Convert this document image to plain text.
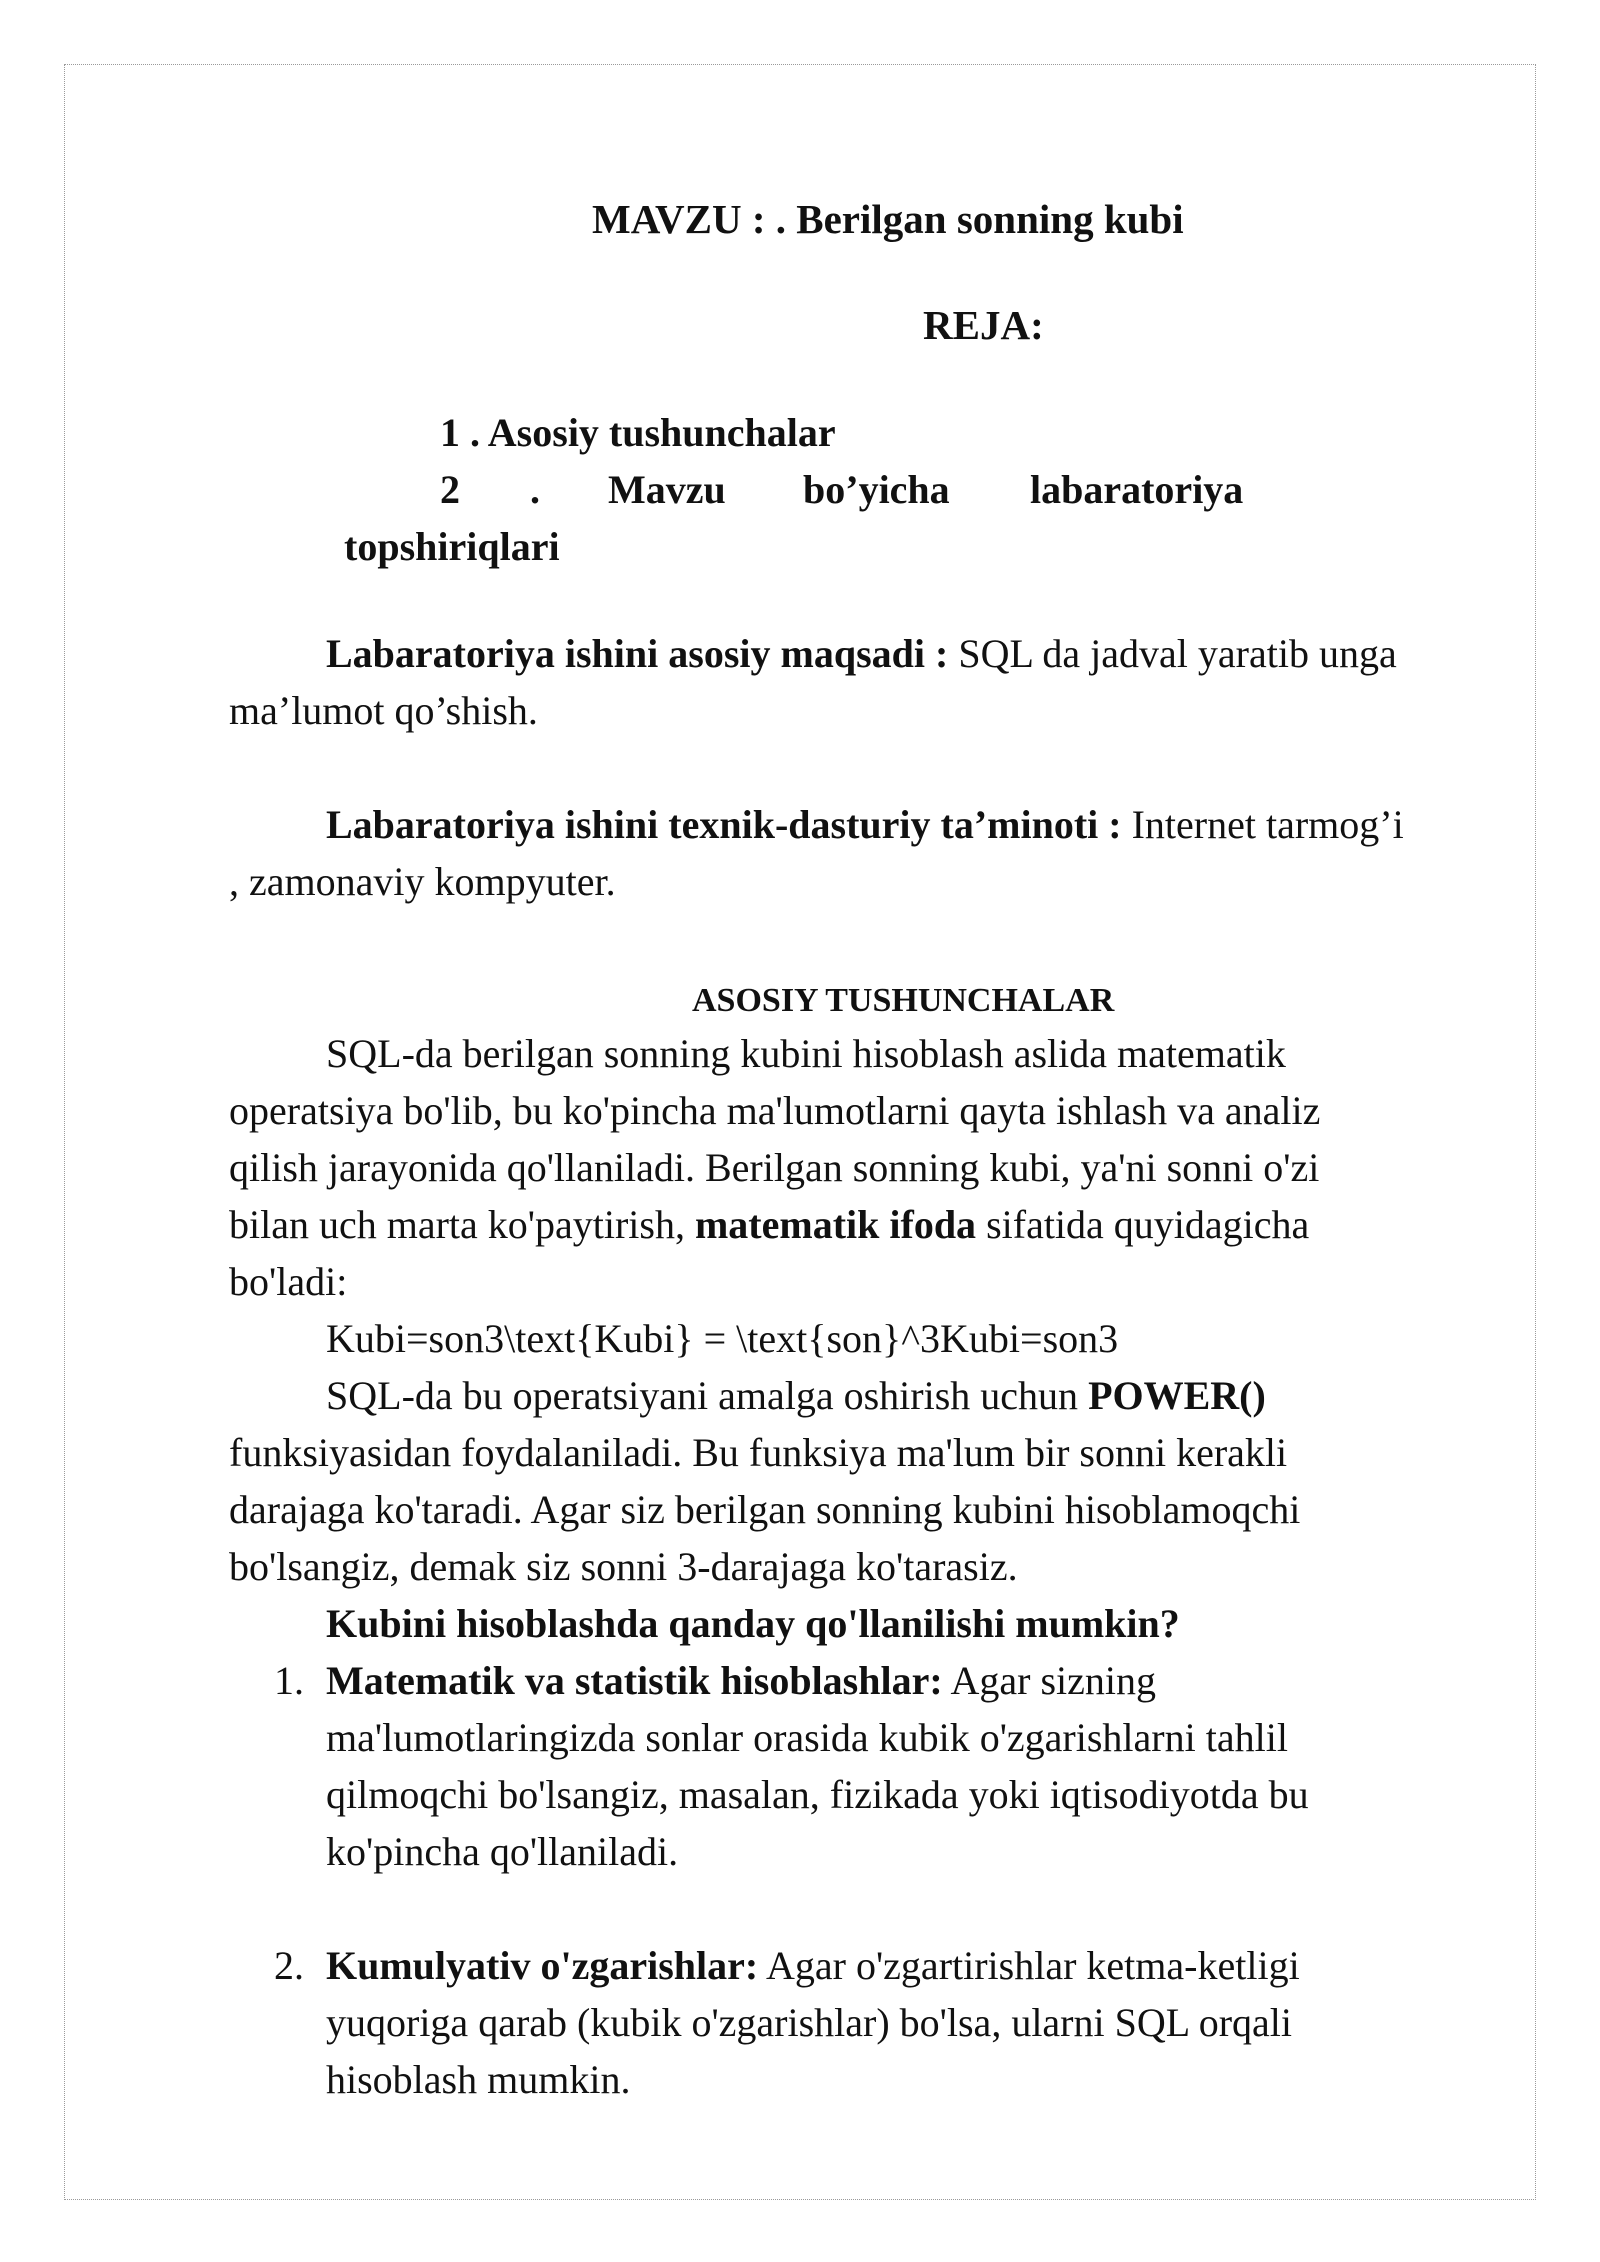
MAVZU : . Berilgan sonning kubi
REJA:
1 . Asosiy tushunchalar
2 . Mavzu bo’yicha labaratoriya
topshiriqlari
Labaratoriya ishini asosiy maqsadi : SQL da jadval yaratib unga
ma’lumot qo’shish.
Labaratoriya ishini texnik-dasturiy ta’minoti : Internet tarmog’i
, zamonaviy kompyuter.
ASOSIY TUSHUNCHALAR
SQL-da berilgan sonning kubini hisoblash aslida matematik
operatsiya bo'lib, bu ko'pincha ma'lumotlarni qayta ishlash va analiz
qilish jarayonida qo'llaniladi. Berilgan sonning kubi, ya'ni sonni o'zi
bilan uch marta ko'paytirish, matematik ifoda sifatida quyidagicha
bo'ladi:
Kubi=son3\text{Kubi} = \text{son}^3Kubi=son3
SQL-da bu operatsiyani amalga oshirish uchun POWER()
funksiyasidan foydalaniladi. Bu funksiya ma'lum bir sonni kerakli
darajaga ko'taradi. Agar siz berilgan sonning kubini hisoblamoqchi
bo'lsangiz, demak siz sonni 3-darajaga ko'tarasiz.
Kubini hisoblashda qanday qo'llanilishi mumkin?
1. Matematik va statistik hisoblashlar: Agar sizning
ma'lumotlaringizda sonlar orasida kubik o'zgarishlarni tahlil
qilmoqchi bo'lsangiz, masalan, fizikada yoki iqtisodiyotda bu
ko'pincha qo'llaniladi.
2. Kumulyativ o'zgarishlar: Agar o'zgartirishlar ketma-ketligi
yuqoriga qarab (kubik o'zgarishlar) bo'lsa, ularni SQL orqali
hisoblash mumkin.
